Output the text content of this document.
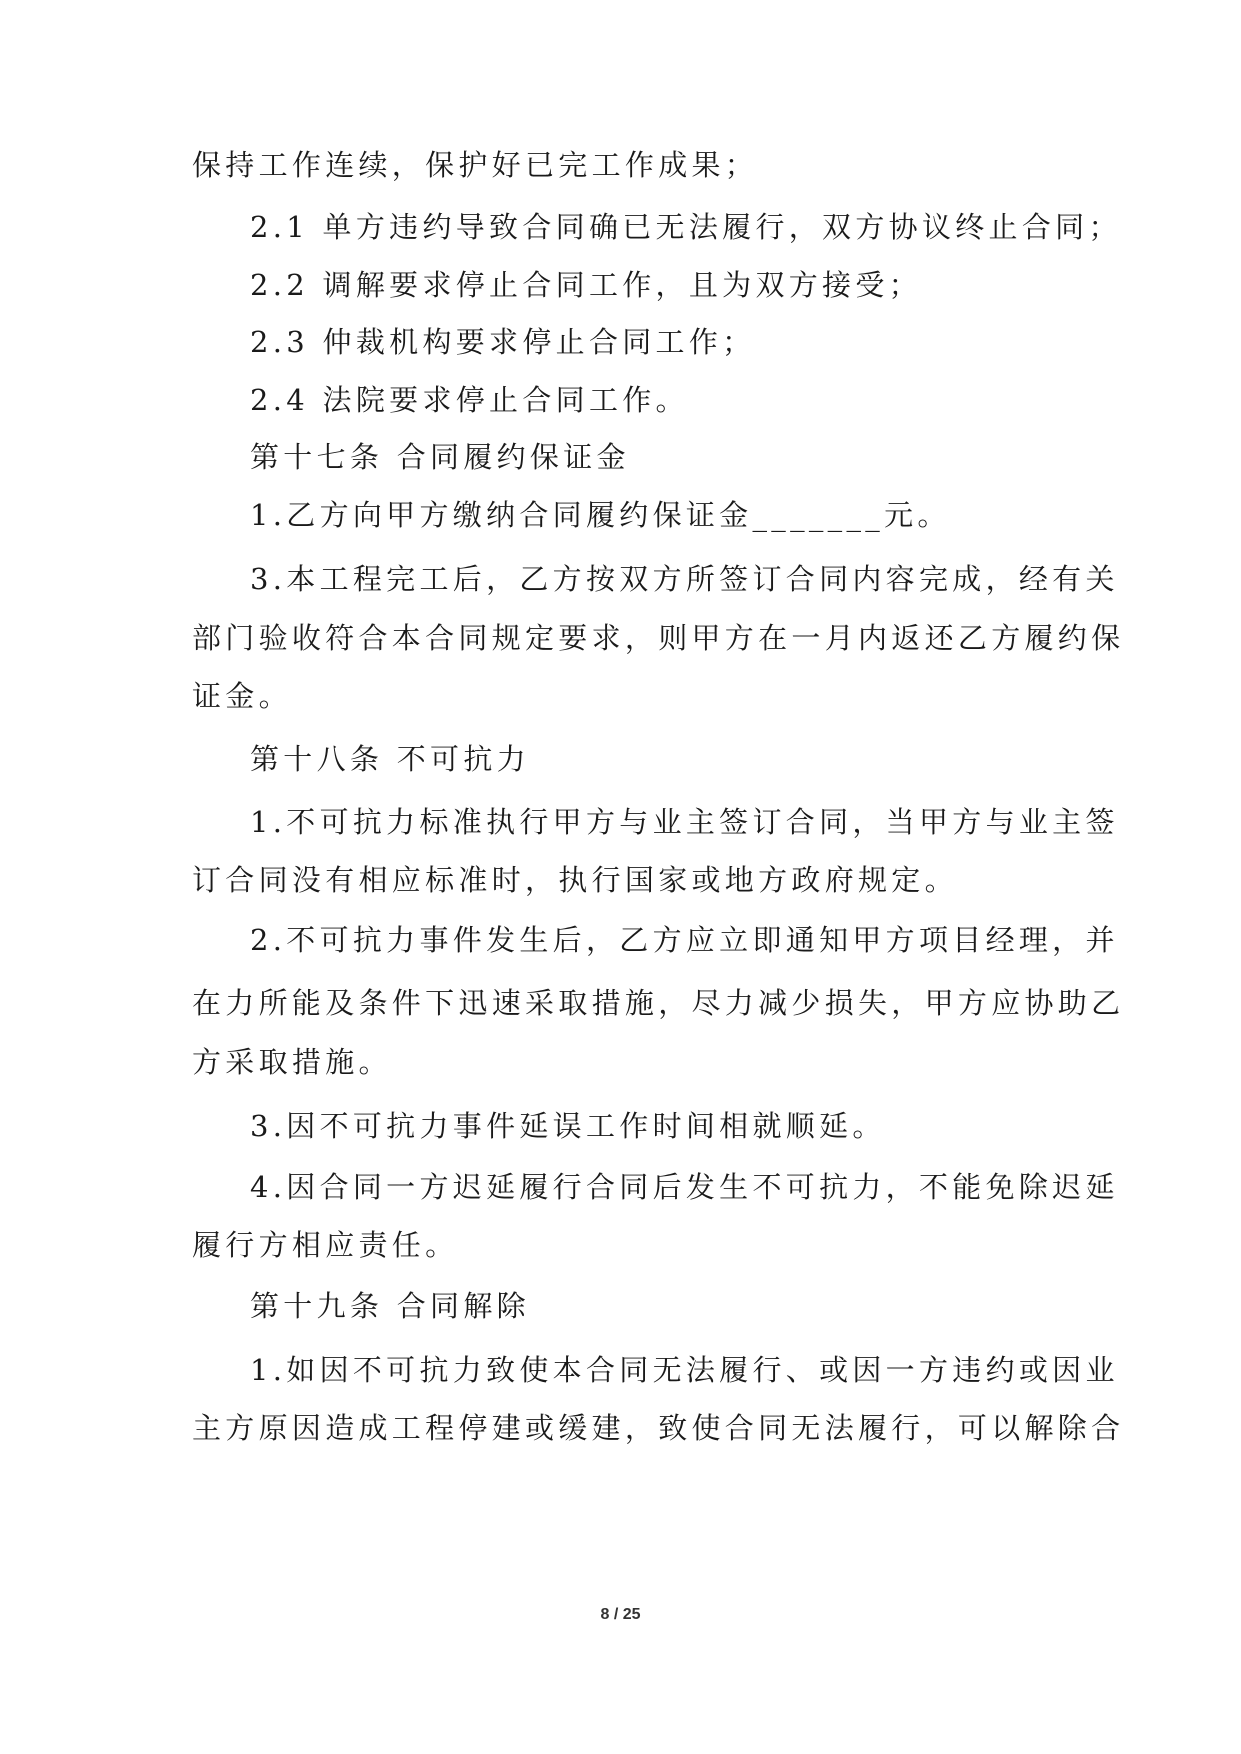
保持工作连续，保护好已完工作成果；
2.1 单方违约导致合同确已无法履行，双方协议终止合同；
2.2 调解要求停止合同工作，且为双方接受；
2.3 仲裁机构要求停止合同工作；
2.4 法院要求停止合同工作。
第十七条 合同履约保证金
1.乙方向甲方缴纳合同履约保证金_______元。
3.本工程完工后，乙方按双方所签订合同内容完成，经有关
部门验收符合本合同规定要求，则甲方在一月内返还乙方履约保
证金。
第十八条 不可抗力
1.不可抗力标准执行甲方与业主签订合同，当甲方与业主签
订合同没有相应标准时，执行国家或地方政府规定。
2.不可抗力事件发生后，乙方应立即通知甲方项目经理，并
在力所能及条件下迅速采取措施，尽力减少损失，甲方应协助乙
方采取措施。
3.因不可抗力事件延误工作时间相就顺延。
4.因合同一方迟延履行合同后发生不可抗力，不能免除迟延
履行方相应责任。
第十九条 合同解除
1.如因不可抗力致使本合同无法履行、或因一方违约或因业
主方原因造成工程停建或缓建，致使合同无法履行，可以解除合
8 / 25
